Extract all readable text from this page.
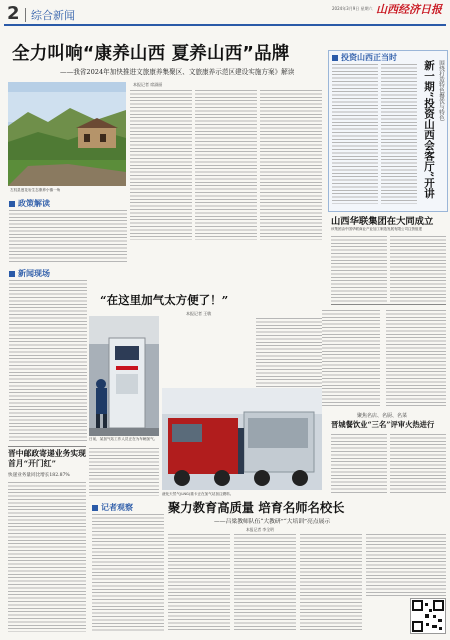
2 综合新闻
2024年3月9日 星期六 山西经济日报
全力叫响“康养山西 夏养山西”品牌
——我省2024年加快推进文旅康养集聚区、文旅康养示范区建设实施方案》解读
本报记者 席淑丽
左权县莲花岩生态康养小镇一角
政策解读
新闻现场
“在这里加气太方便了！”
本报记者 王敏
日前，某加气站工作人员正在为车辆加气。
液化天然气(LNG)重卡正在加气站加注燃料。
投资山西正当时
新一期“投资山西会客厅”开讲 围绕打造特色餐饮与特色
山西华联集团在大同成立
该集团由中国华联商业产业加工制造发展有限公司注资组建
聚焦名店、名厨、名菜
晋城餐饮业“三名”评审火热进行
晋中邮政寄递业务实现首月“开门红”
快递业务量同比增长182.87%
记者观察	聚力教育高质量 培育名师名校长
——吕梁教师队伍“大教研”“大培训”亮点展示
本报记者 李全明
